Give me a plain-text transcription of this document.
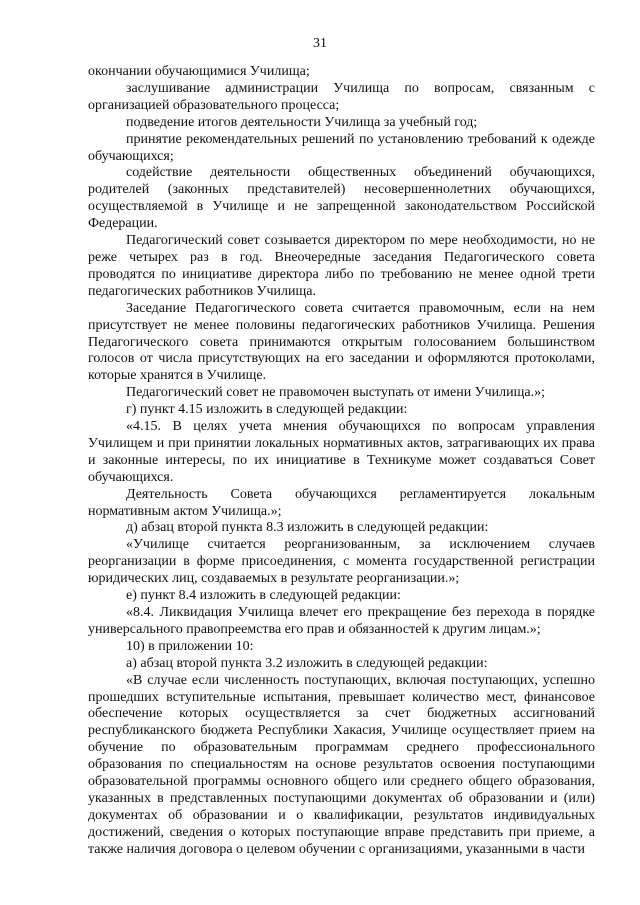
31

окончании обучающимися Училища;

заслушивание администрации Училища по вопросам, связанным с организацией образовательного процесса;

подведение итогов деятельности Училища за учебный год;

принятие рекомендательных решений по установлению требований к одежде обучающихся;

содействие деятельности общественных объединений обучающихся, родителей (законных представителей) несовершеннолетних обучающихся, осуществляемой в Училище и не запрещенной законодательством Российской Федерации.

Педагогический совет созывается директором по мере необходимости, но не реже четырех раз в год. Внеочередные заседания Педагогического совета проводятся по инициативе директора либо по требованию не менее одной трети педагогических работников Училища.

Заседание Педагогического совета считается правомочным, если на нем присутствует не менее половины педагогических работников Училища. Решения Педагогического совета принимаются открытым голосованием большинством голосов от числа присутствующих на его заседании и оформляются протоколами, которые хранятся в Училище.

Педагогический совет не правомочен выступать от имени Училища.»;

г) пункт 4.15 изложить в следующей редакции:

«4.15. В целях учета мнения обучающихся по вопросам управления Училищем и при принятии локальных нормативных актов, затрагивающих их права и законные интересы, по их инициативе в Техникуме может создаваться Совет обучающихся.

Деятельность Совета обучающихся регламентируется локальным нормативным актом Училища.»;

д) абзац второй пункта 8.3 изложить в следующей редакции:

«Училище считается реорганизованным, за исключением случаев реорганизации в форме присоединения, с момента государственной регистрации юридических лиц, создаваемых в результате реорганизации.»;

е) пункт 8.4 изложить в следующей редакции:

«8.4. Ликвидация Училища влечет его прекращение без перехода в порядке универсального правопреемства его прав и обязанностей к другим лицам.»;

10) в приложении 10:

а) абзац второй пункта 3.2 изложить в следующей редакции:

«В случае если численность поступающих, включая поступающих, успешно прошедших вступительные испытания, превышает количество мест, финансовое обеспечение которых осуществляется за счет бюджетных ассигнований республиканского бюджета Республики Хакасия, Училище осуществляет прием на обучение по образовательным программам среднего профессионального образования по специальностям на основе результатов освоения поступающими образовательной программы основного общего или среднего общего образования, указанных в представленных поступающими документах об образовании и (или) документах об образовании и о квалификации, результатов индивидуальных достижений, сведения о которых поступающие вправе представить при приеме, а также наличия договора о целевом обучении с организациями, указанными в части
